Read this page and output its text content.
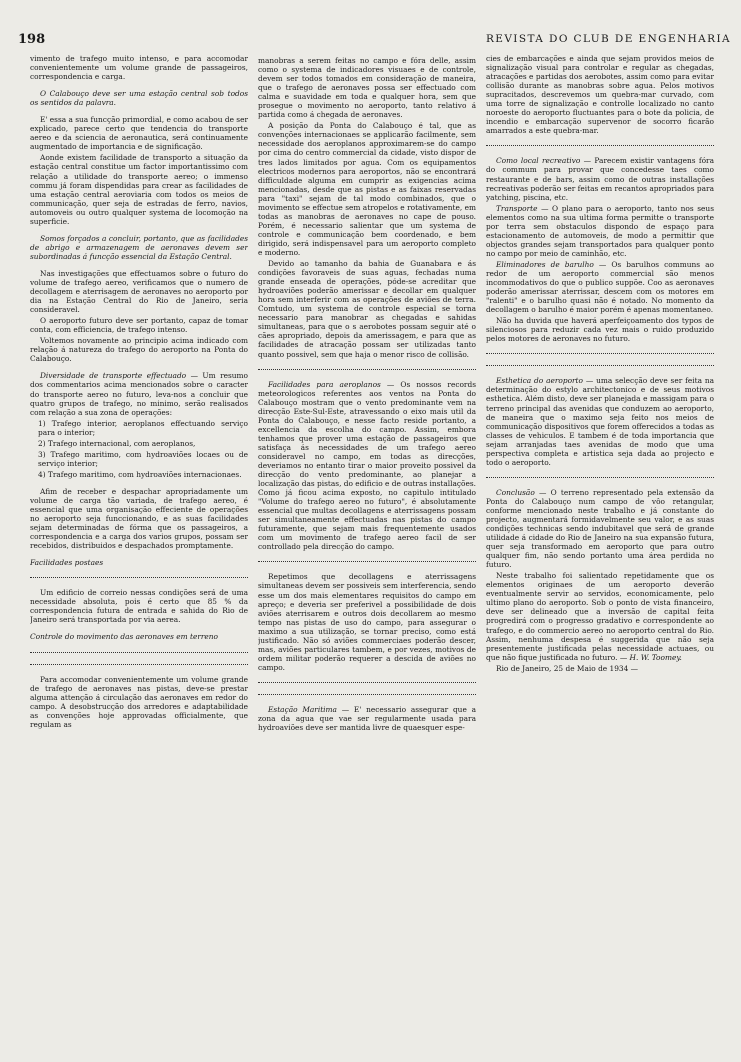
198	REVISTA DO CLUB DE ENGENHARIA

vimento de trafego muito intenso, e para accomodar convenientemente um volume grande de passageiros, correspondencia e carga.

O Calabouço deve ser uma estação central sob todos os sentidos da palavra.

E' essa a sua funcção primordial, e como acabou de ser explicado, parece certo que tendencia do transporte aereo e da sciencia de aeronautica, será continuamente augmentado de importancia e de significação.

Aonde existem facilidade de transporto a situação da estação central constitue um factor importantissimo com relação a utilidade do transporte aereo; o immenso commu já foram dispendidas para crear as facilidades de uma estação central aeroviaria com todos os meios de communicação, quer seja de estradas de ferro, navios, automoveis ou outro qualquer systema de locomoção na superficie.

Somos forçados a concluir, portanto, que as facilidades de abrigo e armazenagem de aeronaves devem ser subordinadas á funcção essencial da Estação Central.

Nas investigações que effectuamos sobre o futuro do volume de trafego aereo, verificamos que o numero de decollagem e aterrisagem de aeronaves no aeroporto por dia na Estação Central do Rio de Janeiro, seria consideravel.

O aeroporto futuro deve ser portanto, capaz de tomar conta, com efficiencia, de trafego intenso.

Voltemos novamente ao principio acima indicado com relação á natureza do trafego do aeroporto na Ponta do Calabouço.

Diversidade de transporte effectuado — Um resumo dos commentarios acima mencionados sobre o caracter do transporte aereo no futuro, leva-nos a concluir que quatro grupos de trafego, no minimo, serão realisados com relação a sua zona de operações:

1) Trafego interior, aeroplanos effectuando serviço para o interior;

2) Trafego internacional, com aeroplanos,

3) Trafego maritimo, com hydroaviões locaes ou de serviço interior;

4) Trafego maritimo, com hydroaviões internacionaes.

Afim de receber e despachar apropriadamente um volume de carga tão variada, de trafego aereo, é essencial que uma organisação effeciente de operações no aeroporto seja funccionando, e as suas facilidades sejam determinadas de fórma que os passageiros, a correspondencia e a carga dos varios grupos, possam ser recebidos, distribuidos e despachados promptamente.

Facilidades postaes

Um edificio de correio nessas condições será de uma necessidade absoluta, pois é certo que 85 % da correspondencia futura de entrada e sahida do Rio de Janeiro será transportada por via aerea.

Controle do movimento das aeronaves em terreno

Para accomodar convenientemente um volume grande de trafego de aeronaves nas pistas, deve-se prestar alguma attenção á circulação das aeronaves em redor do campo. A desobstrucção dos arredores e adaptabilidade as convenções hoje approvadas officialmente, que regulam as

manobras a serem feitas no campo e fóra delle, assim como o systema de indicadores visuaes e de controle, devem ser todos tomados em consideração de maneira, que o trafego de aeronaves possa ser effectuado com calma e suavidade em toda e qualquer hora, sem que prosegue o movimento no aeroporto, tanto relativo á partida como á chegada de aeronaves.

A posição da Ponta do Calabouço é tal, que as convenções internacionaes se applicarão facilmente, sem necessidade dos aeroplanos approximarem-se do campo por cima do centro commercial da cidade, visto dispor de tres lados limitados por agua. Com os equipamentos electricos modernos para aeroportos, não se encontrará difficuldade alguma em cumprir as exigencias acima mencionadas, desde que as pistas e as faixas reservadas para "taxi" sejam de tal modo combinados, que o movimento se effectue sem atropelos e rotativamente, em todas as manobras de aeronaves no cape de pouso. Porém, é necessario salientar que um systema de controle e communicação bem coordenado, e bem dirigido, será indispensavel para um aeroporto completo e moderno.

Devido ao tamanho da bahia de Guanabara e ás condições favoraveis de suas aguas, fechadas numa grande enseada de operações, póde-se acreditar que hydroaviões poderão amerissar e decollar em qualquer hora sem interferir com as operações de aviões de terra. Comtudo, um systema de controle especial se torna necessario para manobrar as chegadas e sahidas simultaneas, para que o s aerobotes possam seguir até o cães apropriado, depois da amerissagem, e para que as facilidades de atracação possam ser utilizadas tanto quanto possivel, sem que haja o menor risco de collisão.

Facilidades para aeroplanos — Os nossos records meteorologicos referentes aos ventos na Ponta do Calabouço mostram que o vento predominante vem na direcção Este-Sul-Este, atravessando o eixo mais util da Ponta do Calabouço, e nesse facto reside portanto, a excellencia da escolha do campo. Assim, embora tenhamos que prover uma estação de passageiros que satisfaça ás necessidades de um trafego aereo consideravel no campo, em todas as direcções, deveriamos no entanto tirar o maior proveito possivel da direcção do vento predominante, ao planejar a localização das pistas, do edificio e de outras installações. Como já ficou acima exposto, no capitulo intitulado "Volume do trafego aereo no futuro", é absolutamente essencial que multas decollagens e aterrissagens possam ser simultaneamente effectuadas nas pistas do campo futuramente, que sejam mais frequentemente usados com um movimento de trafego aereo facil de ser controllado pela direcção do campo.

Repetimos que decollagens e aterrissagens simultaneas devem ser possiveis sem interferencia, sendo esse um dos mais elementares requisitos do campo em apreço; e deveria ser preferivel a possibilidade de dois aviões aterrisarem e outros dois decollarem ao mesmo tempo nas pistas de uso do campo, para assegurar o maximo a sua utilização, se tornar preciso, como está justificado. Não só aviões commerciaes poderão descer, mas, aviões particulares tambem, e por vezes, motivos de ordem militar poderão requerer a descida de aviões no campo.

Estação Maritima — E' necessario assegurar que a zona da agua que vae ser regularmente usada para hydroaviões deve ser mantida livre de quaesquer espe-

cies de embarcações e ainda que sejam providos meios de signalização visual para controlar e regular as chegadas, atracações e partidas dos aerobotes, assim como para evitar collisão durante as manobras sobre agua. Pelos motivos supracitados, descrevemos um quebra-mar curvado, com uma torre de signalização e controlle localizado no canto noroeste do aeroporto fluctuantes para o bote da policia, de incendio e embarcação supervenor de socorro ficarão amarrados a este quebra-mar.

Como local recreativo — Parecem existir vantagens fóra do commum para provar que concedesse taes como restaurante e de bars, assim como de outras installações recreativas poderão ser feitas em recantos apropriados para yatching, piscina, etc.

Transporte — O plano para o aeroporto, tanto nos seus elementos como na sua ultima forma permitte o transporte por terra sem obstaculos dispondo de espaço para estacionamento de automoveis, de modo a permittir que objectos grandes sejam transportados para qualquer ponto no campo por meio de caminhão, etc.

Eliminadores de barulho — Os barulhos communs ao redor de um aeroporto commercial são menos incommodativos do que o publico suppõe. Coo as aeronaves poderão amerissar aterrissar, descem com os motores em "ralenti" e o barulho quasi não é notado. No momento da decollagem o barulho é maior porém é apenas momentaneo.

Não ha duvida que haverá aperfeiçoamento dos typos de silenciosos para reduzir cada vez mais o ruido produzido pelos motores de aeronaves no futuro.

Esthetica do aeroporto — uma selecção deve ser feita na determinação do estylo architectonico e de seus motivos esthetica. Além disto, deve ser planejada e massigam para o terreno principal das avenidas que conduzem ao aeroporto, de maneira que o maximo seja feito nos meios de communicação dispositivos que forem offerecidos a todas as classes de vehiculos. E tambem é de toda importancia que sejam arranjadas taes avenidas de modo que uma perspectiva completa e artistica seja dada ao projecto e todo o aeroporto.

Conclusão — O terreno representado pela extensão da Ponta do Calabouço num campo de vôo retangular, conforme mencionado neste trabalho e já constante do projecto, augmentará formidavelmente seu valor, e as suas condições technicas sendo indubitavel que será de grande utilidade á cidade do Rio de Janeiro na sua expansão futura, quer seja transformado em aeroporto que para outro qualquer fim, não sendo portanto uma área perdida no futuro.

Neste trabalho foi salientado repetidamente que os elementos originaes de um aeroporto deverão eventualmente servir ao servidos, economicamente, pelo ultimo plano do aeroporto. Sob o ponto de vista financeiro, deve ser delineado que a inversão de capital feita progredirá com o progresso gradativo e correspondente ao trafego, e do commercio aereo no aeroporto central do Rio. Assim, nenhuma despesa é suggerida que não seja presentemente justificada pelas necessidade actuaes, ou que não fique justificada no futuro. — H. W. Toomey.

Rio de Janeiro, 25 de Maio de 1934 —
